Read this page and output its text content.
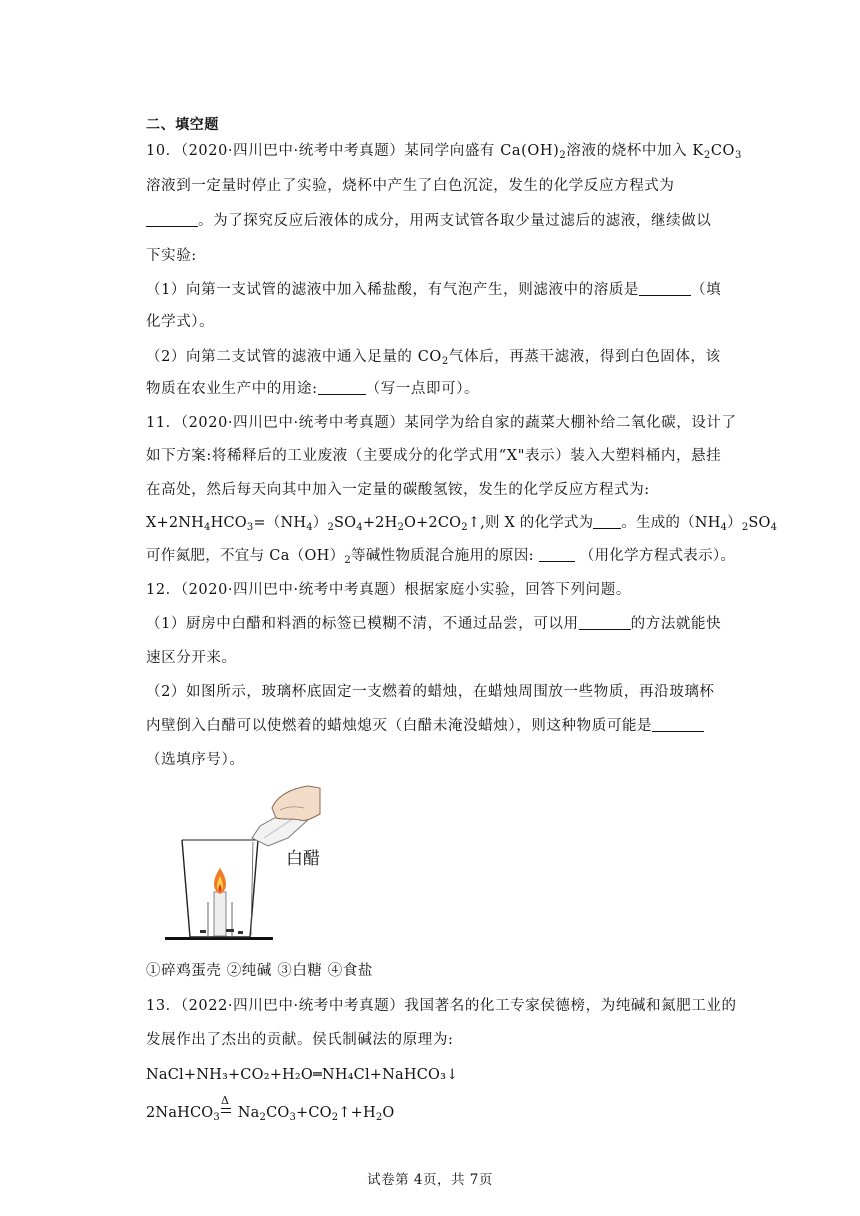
二、填空题
10．（2020·四川巴中·统考中考真题）某同学向盛有 $Ca(OH)_2$溶液的烧杯中加入 $K_2CO_3$
溶液到一定量时停止了实验，烧杯中产生了白色沉淀，发生的化学反应方程式为
。为了探究反应后液体的成分，用两支试管各取少量过滤后的滤液，继续做以
下实验:
（1）向第一支试管的滤液中加入稀盐酸，有气泡产生，则滤液中的溶质是	（填
化学式）。
（2）向第二支试管的滤液中通入足量的 $CO_2$气体后，再蒸干滤液，得到白色固体，该
物质在农业生产中的用途:	（写一点即可）。
11．（2020·四川巴中·统考中考真题）某同学为给自家的蔬菜大棚补给二氧化碳，设计了
如下方案:将稀释后的工业废液（主要成分的化学式用“X"表示）装入大塑料桶内，悬挂
在高处，然后每天向其中加入一定量的碳酸氢铵，发生的化学反应方程式为:
$X+2NH_4HCO_3=(NH_4)_2SO_4+2H_2O+2CO_2↑$,则 X 的化学式为 。生成的$(NH_4)_2SO_4$
可作氮肥，不宜与 $Ca(OH)_2$等碱性物质混合施用的原因:	（用化学方程式表示）。
12．（2020·四川巴中·统考中考真题）根据家庭小实验，回答下列问题。
（1）厨房中白醋和料酒的标签已模糊不清，不通过品尝，可以用	的方法就能快
速区分开来。
（2）如图所示，玻璃杯底固定一支燃着的蜡烛，在蜡烛周围放一些物质，再沿玻璃杯
内壁倒入白醋可以使燃着的蜡烛熄灭（白醋未淹没蜡烛），则这种物质可能是
（选填序号）。
白醋
①碎鸡蛋壳 ②纯碱 ③白糖 ④食盐
13．（2022·四川巴中·统考中考真题）我国著名的化工专家侯德榜，为纯碱和氮肥工业的
发展作出了杰出的贡献。侯氏制碱法的原理为:
NaCl+NH₃+CO₂+H₂O═NH₄Cl+NaHCO₃↓
2NaHCO$_3$
Δ
$Na_2CO_3+CO_2↑+H_2O$
试卷第 4页，共 7页
